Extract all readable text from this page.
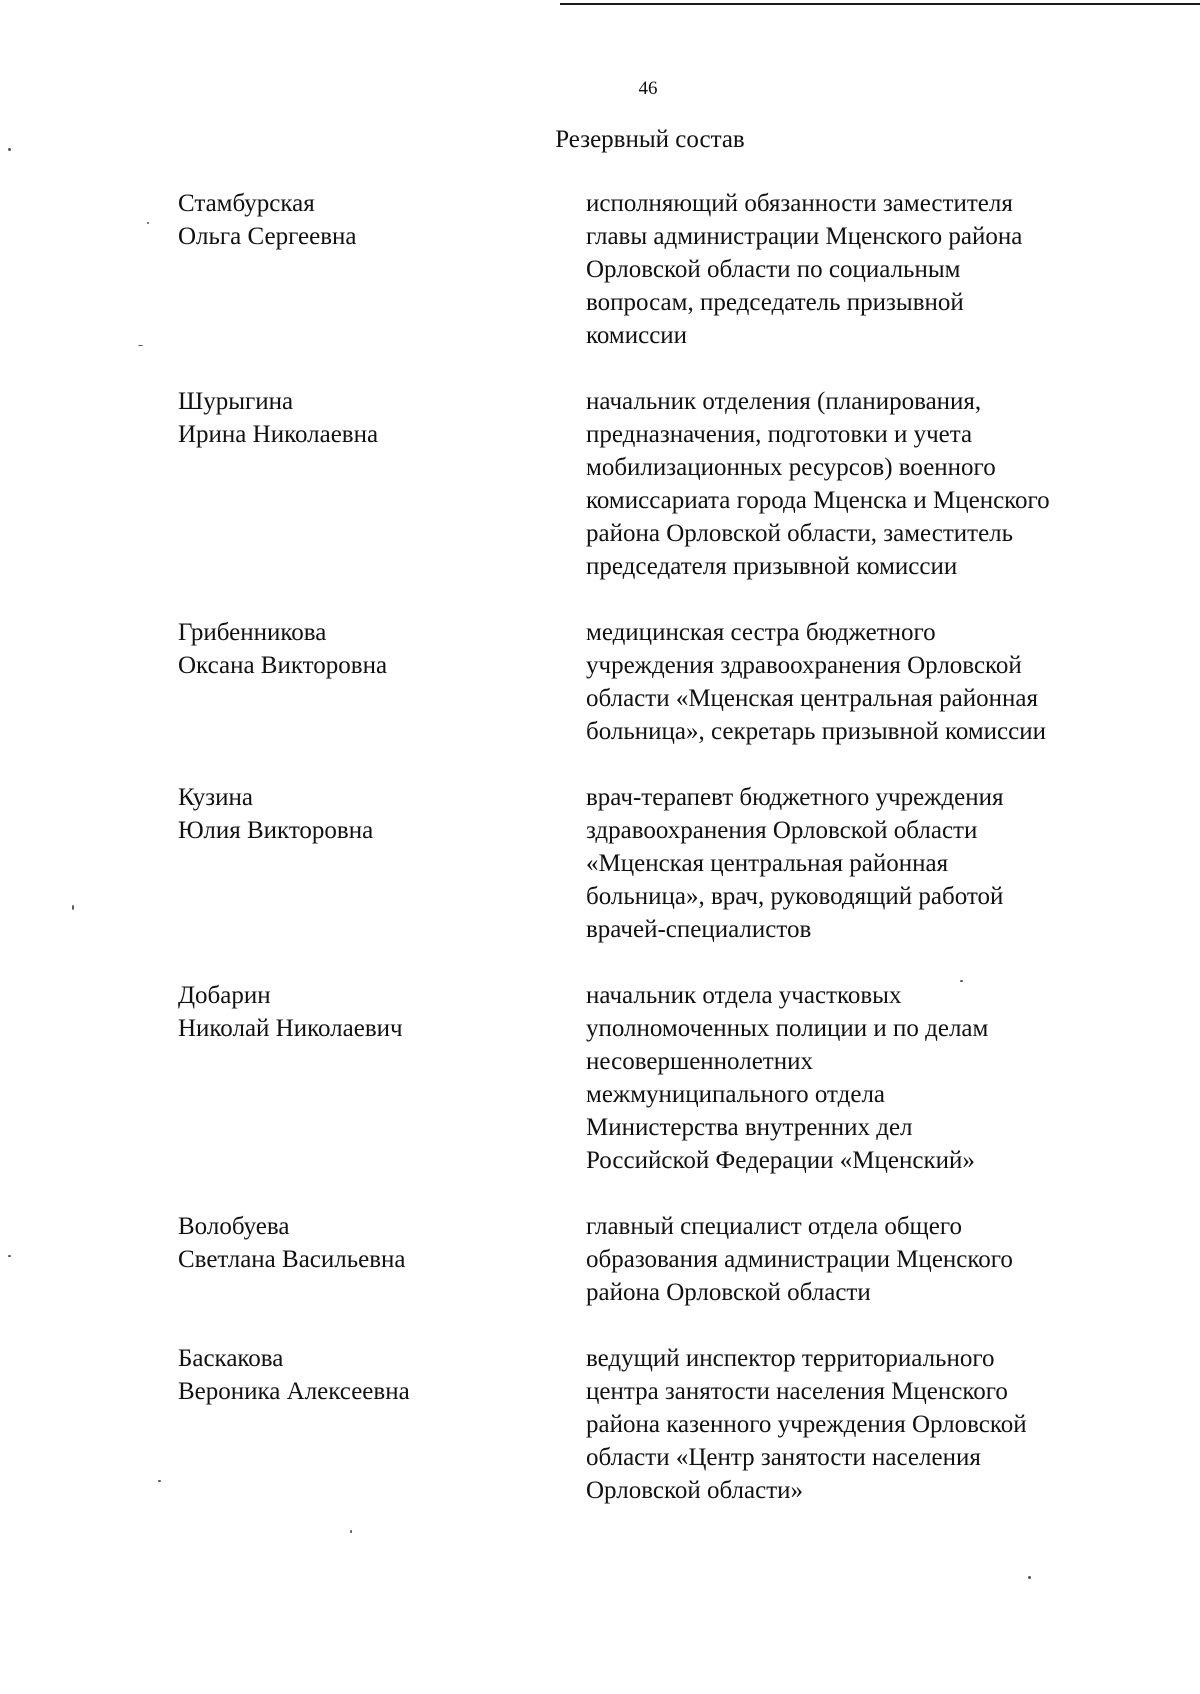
46
Резервный состав
Стамбурская
Ольга Сергеевна
исполняющий обязанности заместителя
главы администрации Мценского района
Орловской области по социальным
вопросам, председатель призывной
комиссии
Шурыгина
Ирина Николаевна
начальник отделения (планирования,
предназначения, подготовки и учета
мобилизационных ресурсов) военного
комиссариата города Мценска и Мценского
района Орловской области, заместитель
председателя призывной комиссии
Грибенникова
Оксана Викторовна
медицинская сестра бюджетного
учреждения здравоохранения Орловской
области «Мценская центральная районная
больница», секретарь призывной комиссии
Кузина
Юлия Викторовна
врач-терапевт бюджетного учреждения
здравоохранения Орловской области
«Мценская центральная районная
больница», врач, руководящий работой
врачей-специалистов
Добарин
Николай Николаевич
начальник отдела участковых
уполномоченных полиции и по делам
несовершеннолетних
межмуниципального отдела
Министерства внутренних дел
Российской Федерации «Мценский»
Волобуева
Светлана Васильевна
главный специалист отдела общего
образования администрации Мценского
района Орловской области
Баскакова
Вероника Алексеевна
ведущий инспектор территориального
центра занятости населения Мценского
района казенного учреждения Орловской
области «Центр занятости населения
Орловской области»
